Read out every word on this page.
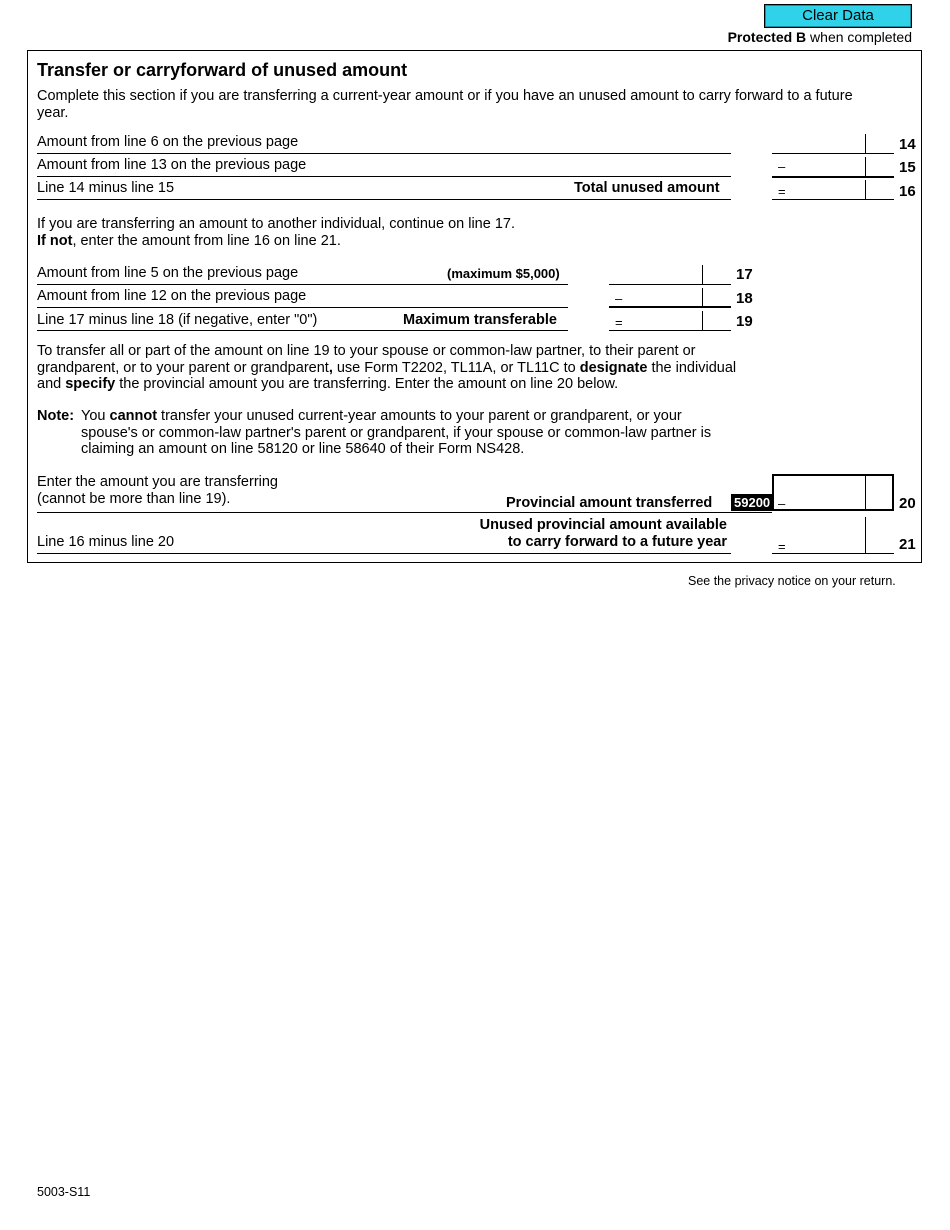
Clear Data
Protected B when completed
Transfer or carryforward of unused amount
Complete this section if you are transferring a current-year amount or if you have an unused amount to carry forward to a future year.
Amount from line 6 on the previous page	14
Amount from line 13 on the previous page	–	15
Line 14 minus line 15	Total unused amount	=	16
If you are transferring an amount to another individual, continue on line 17.
If not, enter the amount from line 16 on line 21.
Amount from line 5 on the previous page	(maximum $5,000)	17
Amount from line 12 on the previous page	–	18
Line 17 minus line 18 (if negative, enter "0")	Maximum transferable	=	19
To transfer all or part of the amount on line 19 to your spouse or common-law partner, to their parent or grandparent, or to your parent or grandparent, use Form T2202, TL11A, or TL11C to designate the individual and specify the provincial amount you are transferring. Enter the amount on line 20 below.
Note: You cannot transfer your unused current-year amounts to your parent or grandparent, or your spouse's or common-law partner's parent or grandparent, if your spouse or common-law partner is claiming an amount on line 58120 or line 58640 of their Form NS428.
Enter the amount you are transferring
(cannot be more than line 19).	Provincial amount transferred 59200 –	20
Line 16 minus line 20
Unused provincial amount available
to carry forward to a future year	=	21
See the privacy notice on your return.
5003-S11
